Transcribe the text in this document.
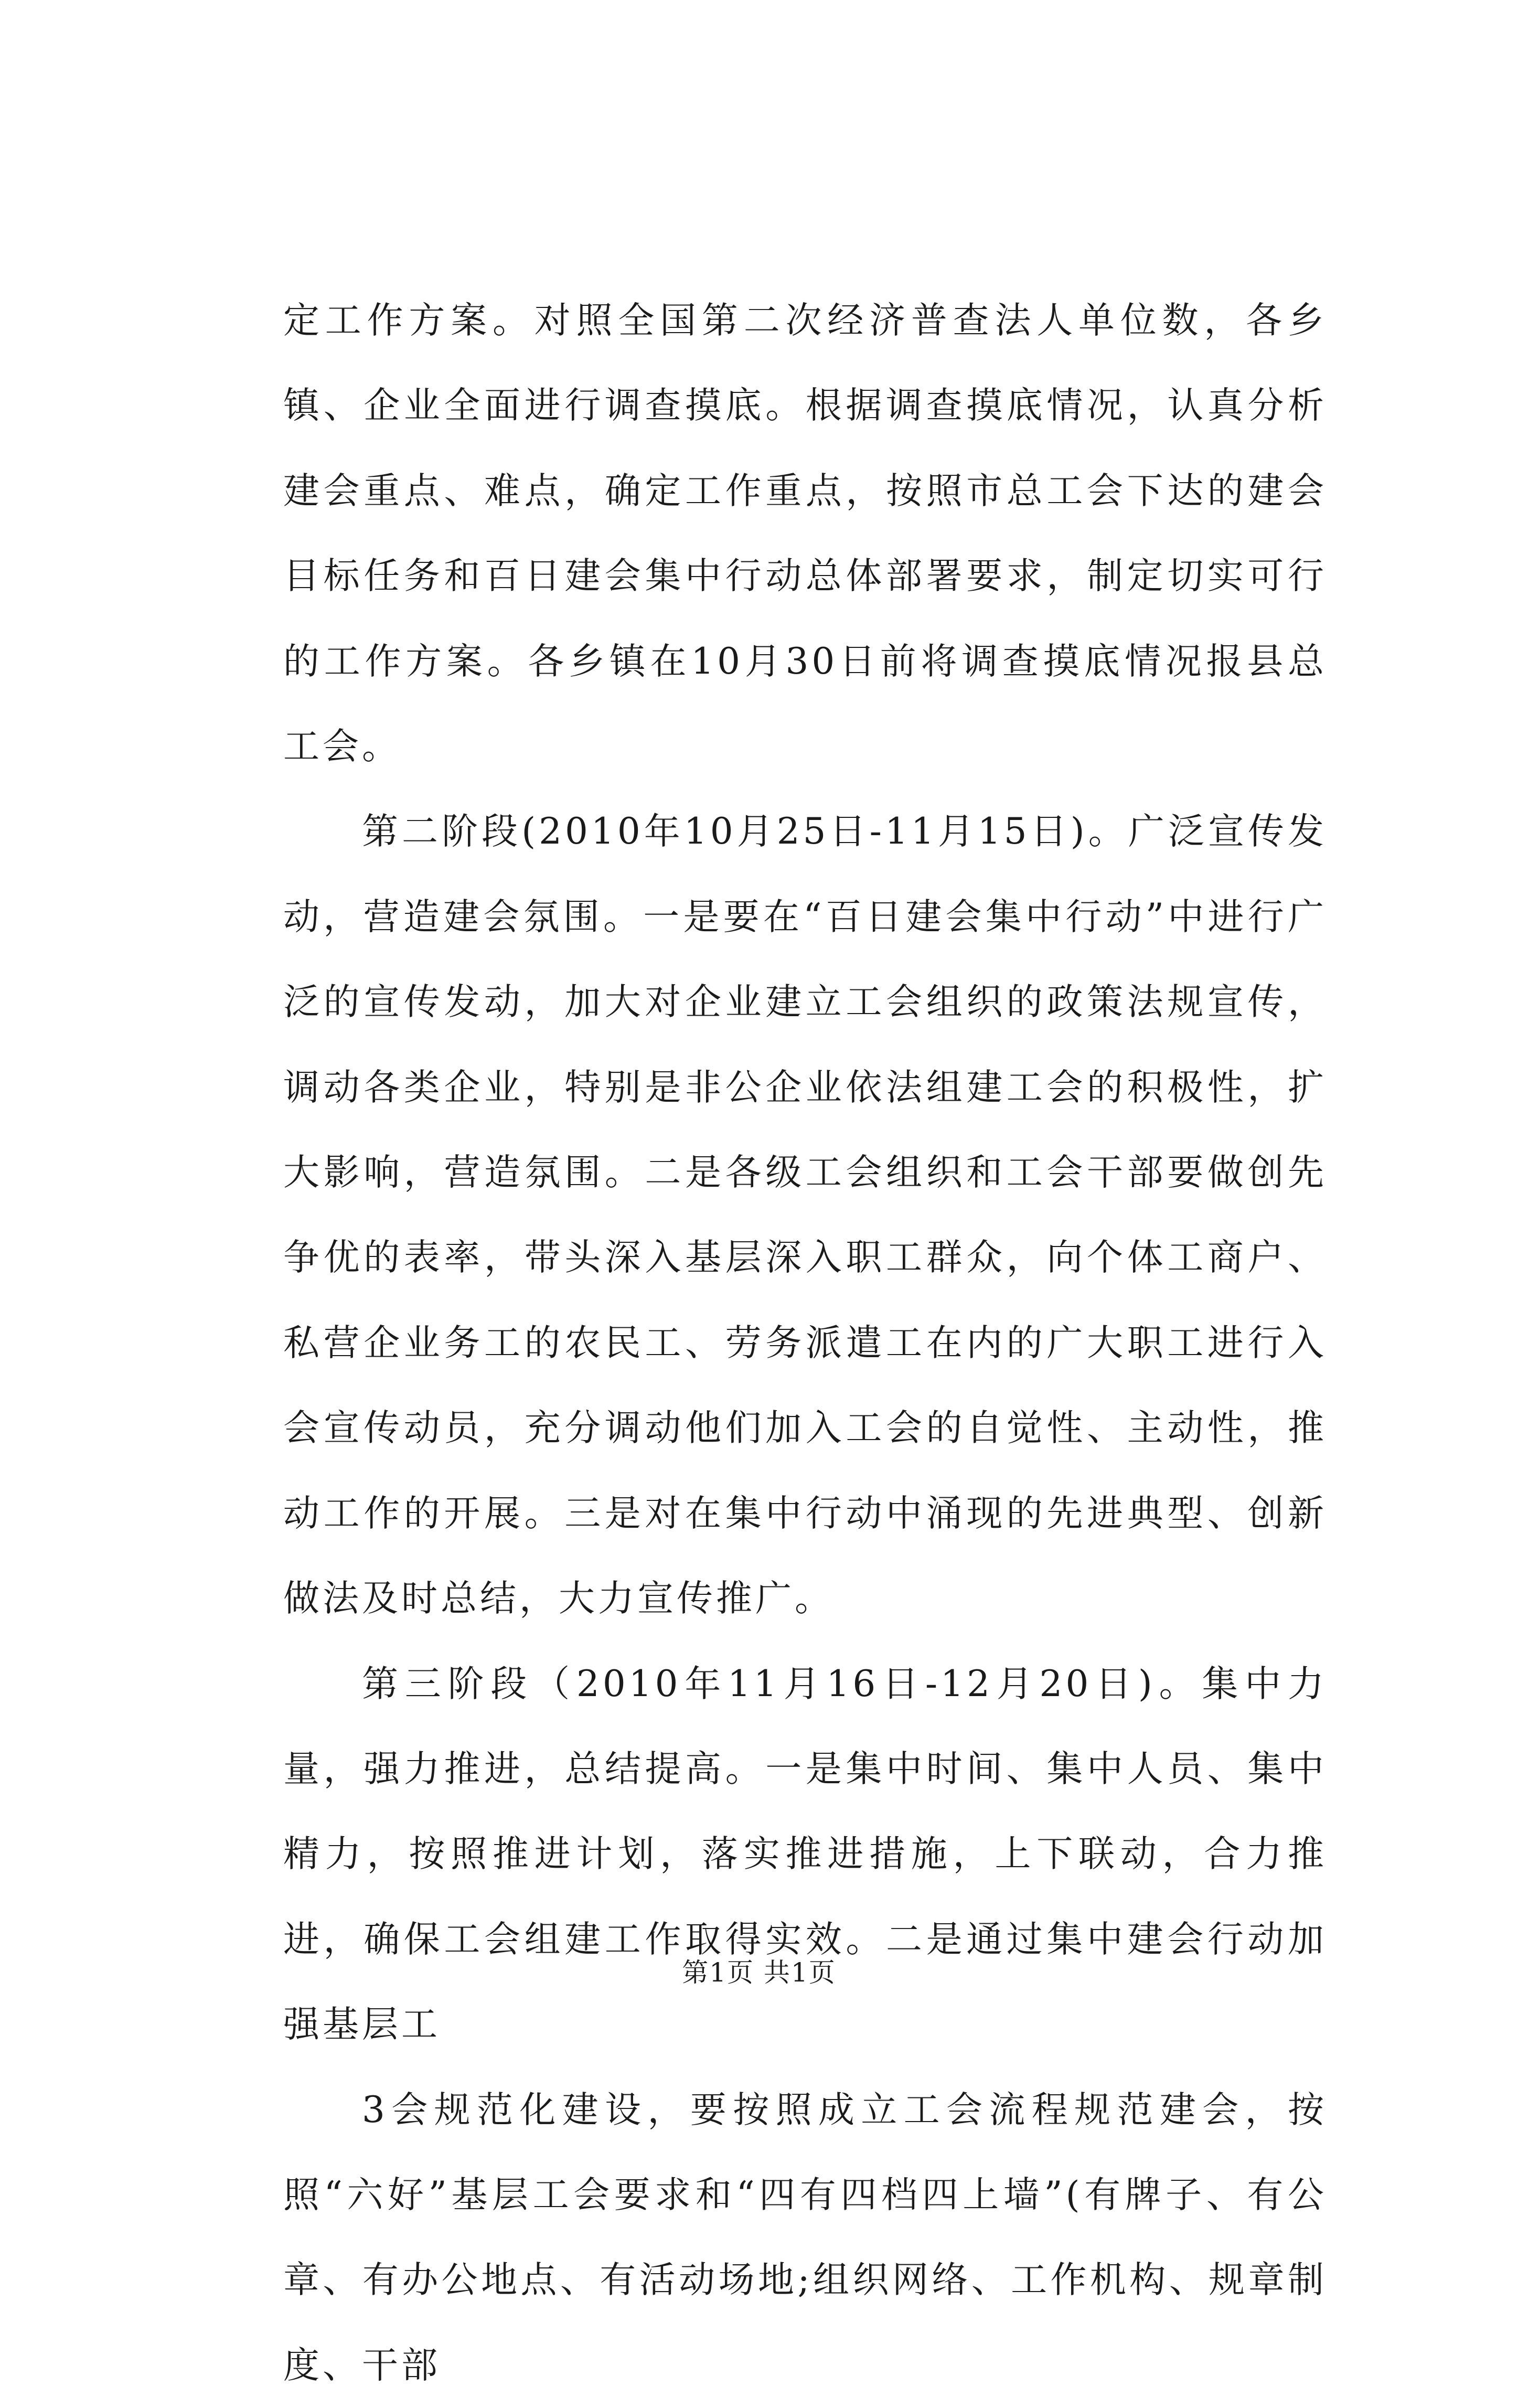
定工作方案。对照全国第二次经济普查法人单位数，各乡镇、企业全面进行调查摸底。根据调查摸底情况，认真分析建会重点、难点，确定工作重点，按照市总工会下达的建会目标任务和百日建会集中行动总体部署要求，制定切实可行的工作方案。各乡镇在10月30日前将调查摸底情况报县总工会。

第二阶段(2010年10月25日-11月15日)。广泛宣传发动，营造建会氛围。一是要在“百日建会集中行动”中进行广泛的宣传发动，加大对企业建立工会组织的政策法规宣传，调动各类企业，特别是非公企业依法组建工会的积极性，扩大影响，营造氛围。二是各级工会组织和工会干部要做创先争优的表率，带头深入基层深入职工群众，向个体工商户、私营企业务工的农民工、劳务派遣工在内的广大职工进行入会宣传动员，充分调动他们加入工会的自觉性、主动性，推动工作的开展。三是对在集中行动中涌现的先进典型、创新做法及时总结，大力宣传推广。

第三阶段（2010年11月16日-12月20日)。集中力量，强力推进，总结提高。一是集中时间、集中人员、集中精力，按照推进计划，落实推进措施，上下联动，合力推进，确保工会组建工作取得实效。二是通过集中建会行动加强基层工

3会规范化建设，要按照成立工会流程规范建会，按照“六好”基层工会要求和“四有四档四上墙”(有牌子、有公章、有办公地点、有活动场地;组织网络、工作机构、规章制度、干部

第1页 共1页
